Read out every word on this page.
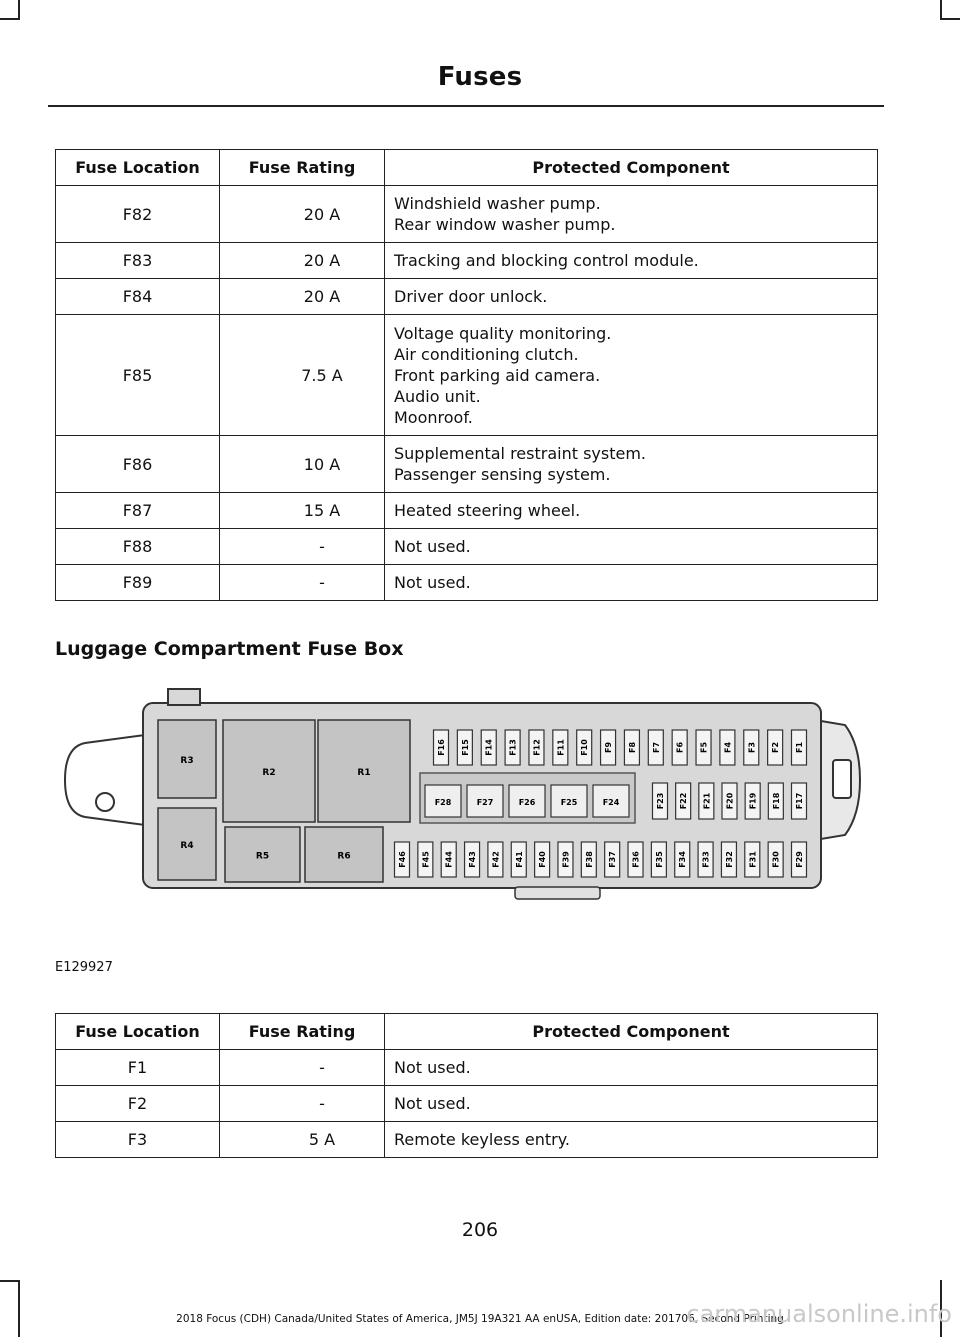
Fuses
Fuse Location	Fuse Rating	Protected Component
F82	20 A	Windshield washer pump.
Rear window washer pump.

F83	20 A	Tracking and blocking control module.

F84	20 A	Driver door unlock.

F85	7.5 A	Voltage quality monitoring.
Air conditioning clutch.
Front parking aid camera.
Audio unit.
Moonroof.

F86	10 A	Supplemental restraint system.
Passenger sensing system.

F87	15 A	Heated steering wheel.

F88	-	Not used.

F89	-	Not used.
Luggage Compartment Fuse Box
R1
R2
R3
R4
R5	R6
F16 F15 F14 F13 F12 F11 F10 F9 F8 F7 F6 F5 F4 F3 F2 F1
F23 F22 F21 F20 F19 F18 F17
F46 F45 F44 F43 F42 F41 F40 F39 F38 F37 F36 F35 F34 F33 F32 F31 F30 F29
F28	F27	F26	F25	F24
E129927
Fuse Location	Fuse Rating	Protected Component
F1	-	Not used.

F2	-	Not used.

F3	5 A	Remote keyless entry.
206
2018 Focus (CDH) Canada/United States of America, JM5J 19A321 AA enUSA, Edition date: 201706, Second Printing
carmanualsonline.info
